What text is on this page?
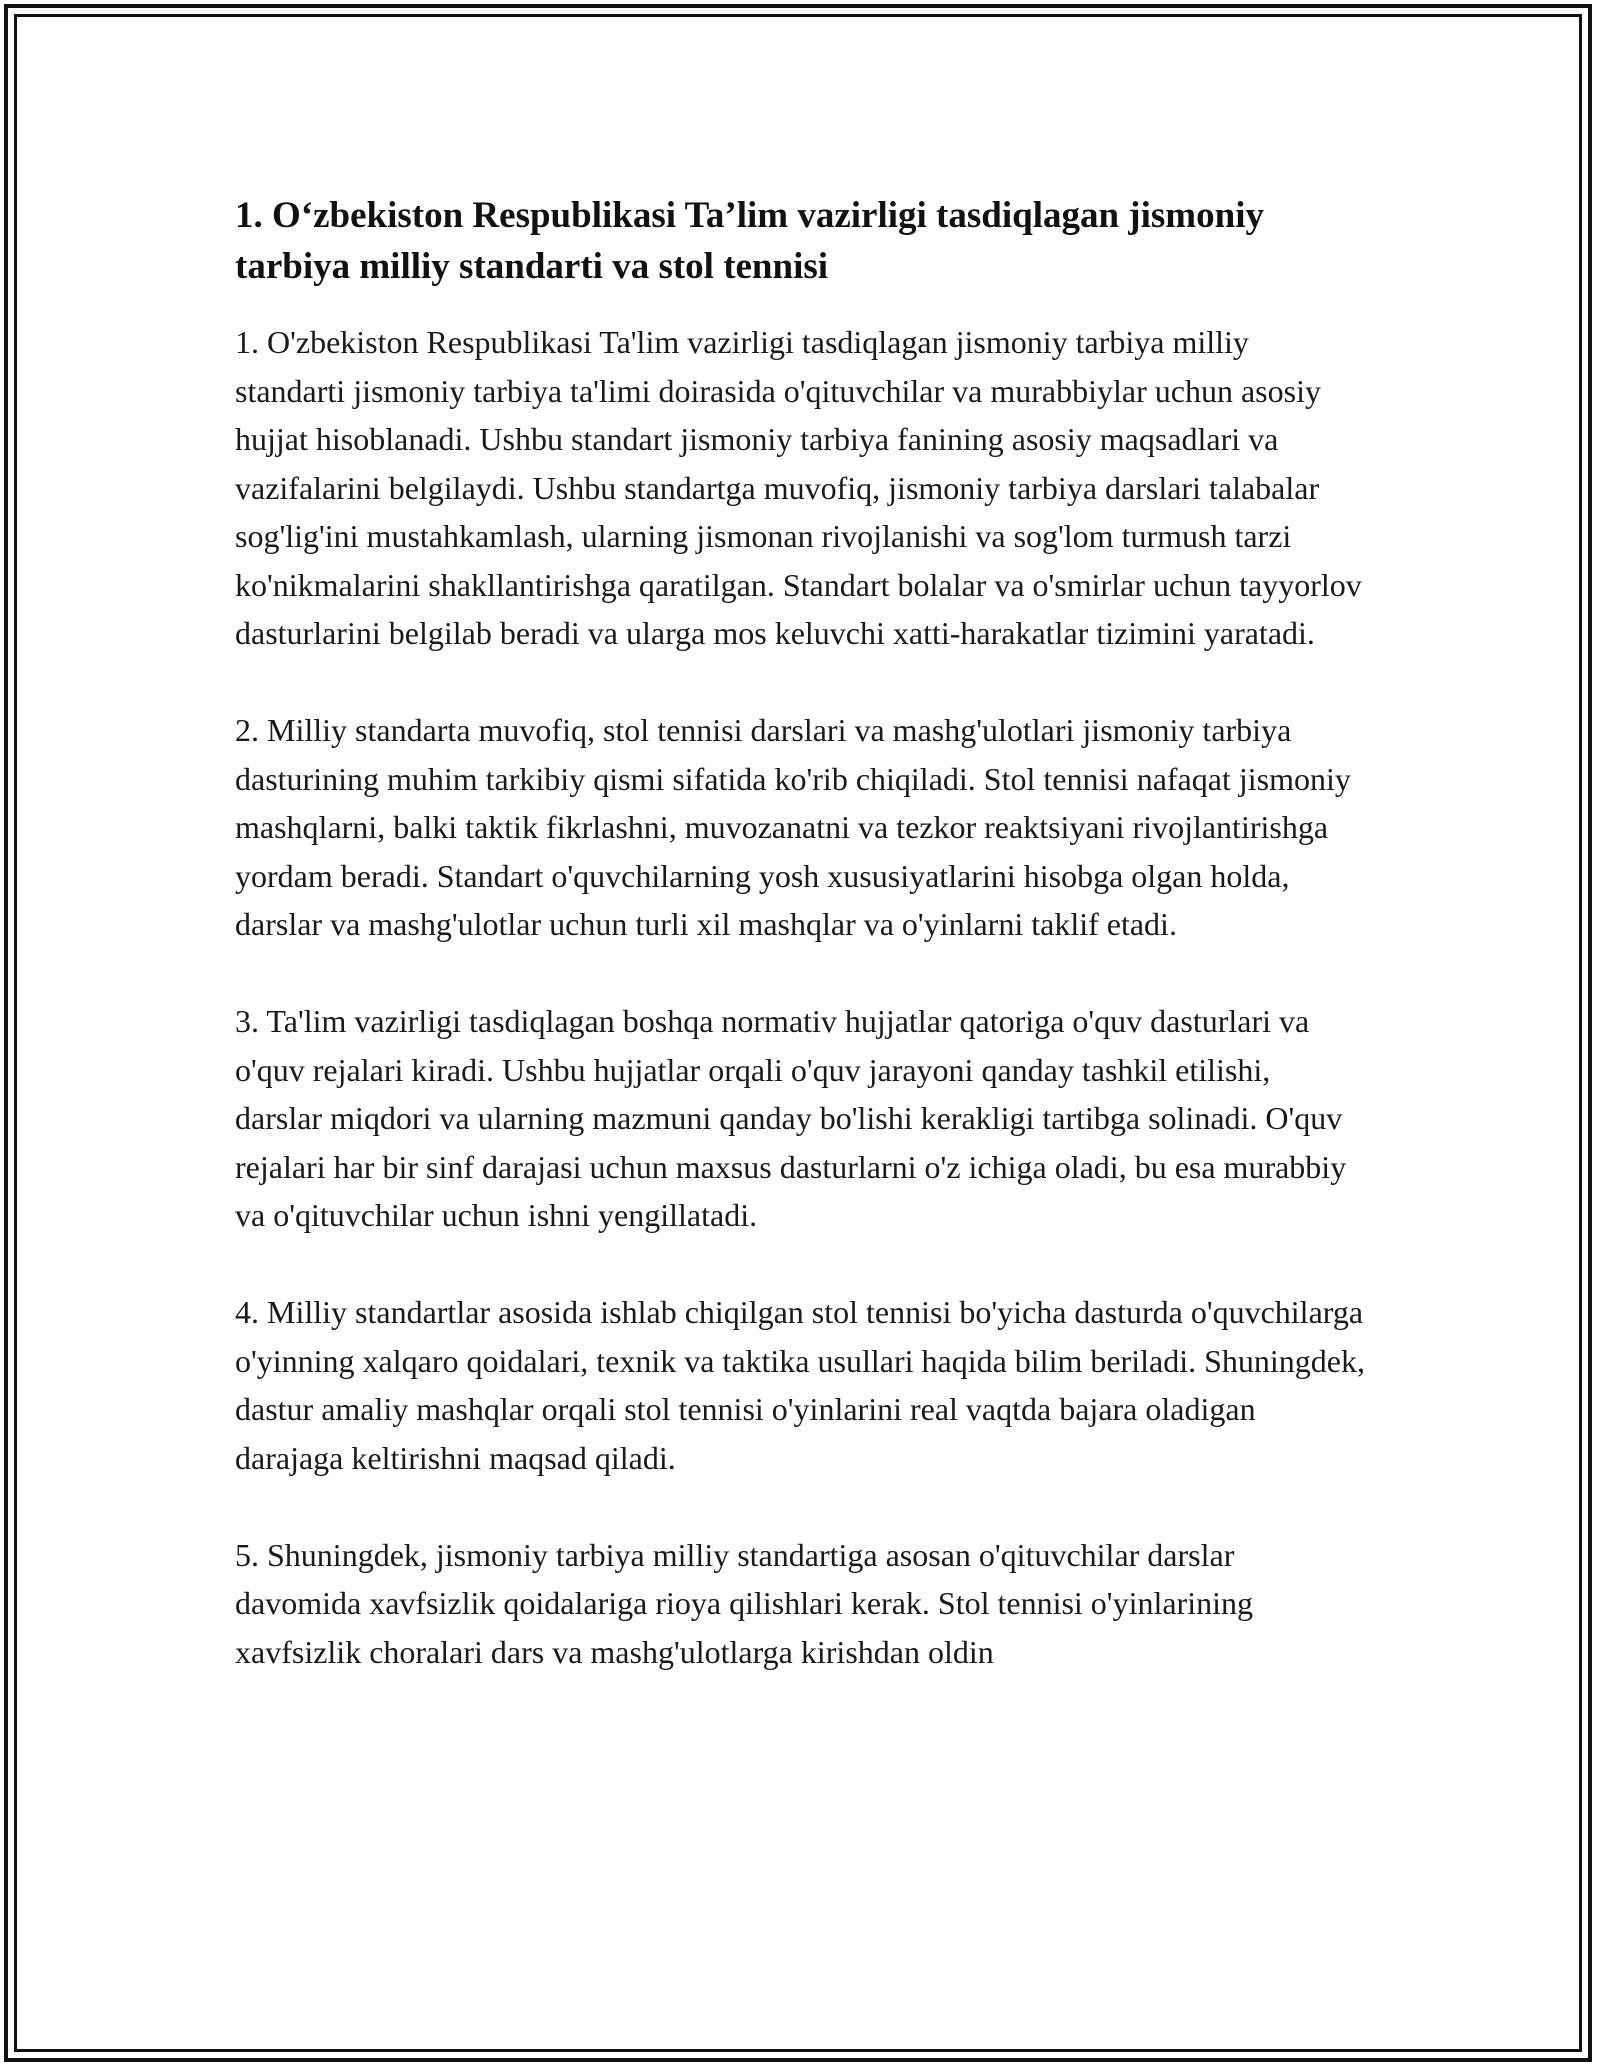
1. O‘zbekiston Respublikasi Ta’lim vazirligi tasdiqlagan jismoniy tarbiya milliy standarti va stol tennisi

1. O'zbekiston Respublikasi Ta'lim vazirligi tasdiqlagan jismoniy tarbiya milliy standarti jismoniy tarbiya ta'limi doirasida o'qituvchilar va murabbiylar uchun asosiy hujjat hisoblanadi. Ushbu standart jismoniy tarbiya fanining asosiy maqsadlari va vazifalarini belgilaydi. Ushbu standartga muvofiq, jismoniy tarbiya darslari talabalar sog'lig'ini mustahkamlash, ularning jismonan rivojlanishi va sog'lom turmush tarzi ko'nikmalarini shakllantirishga qaratilgan. Standart bolalar va o'smirlar uchun tayyorlov dasturlarini belgilab beradi va ularga mos keluvchi xatti-harakatlar tizimini yaratadi.

2. Milliy standarta muvofiq, stol tennisi darslari va mashg'ulotlari jismoniy tarbiya dasturining muhim tarkibiy qismi sifatida ko'rib chiqiladi. Stol tennisi nafaqat jismoniy mashqlarni, balki taktik fikrlashni, muvozanatni va tezkor reaktsiyani rivojlantirishga yordam beradi. Standart o'quvchilarning yosh xususiyatlarini hisobga olgan holda, darslar va mashg'ulotlar uchun turli xil mashqlar va o'yinlarni taklif etadi.

3. Ta'lim vazirligi tasdiqlagan boshqa normativ hujjatlar qatoriga o'quv dasturlari va o'quv rejalari kiradi. Ushbu hujjatlar orqali o'quv jarayoni qanday tashkil etilishi, darslar miqdori va ularning mazmuni qanday bo'lishi kerakligi tartibga solinadi. O'quv rejalari har bir sinf darajasi uchun maxsus dasturlarni o'z ichiga oladi, bu esa murabbiy va o'qituvchilar uchun ishni yengillatadi.

4. Milliy standartlar asosida ishlab chiqilgan stol tennisi bo'yicha dasturda o'quvchilarga o'yinning xalqaro qoidalari, texnik va taktika usullari haqida bilim beriladi. Shuningdek, dastur amaliy mashqlar orqali stol tennisi o'yinlarini real vaqtda bajara oladigan darajaga keltirishni maqsad qiladi.

5. Shuningdek, jismoniy tarbiya milliy standartiga asosan o'qituvchilar darslar davomida xavfsizlik qoidalariga rioya qilishlari kerak. Stol tennisi o'yinlarining xavfsizlik choralari dars va mashg'ulotlarga kirishdan oldin
